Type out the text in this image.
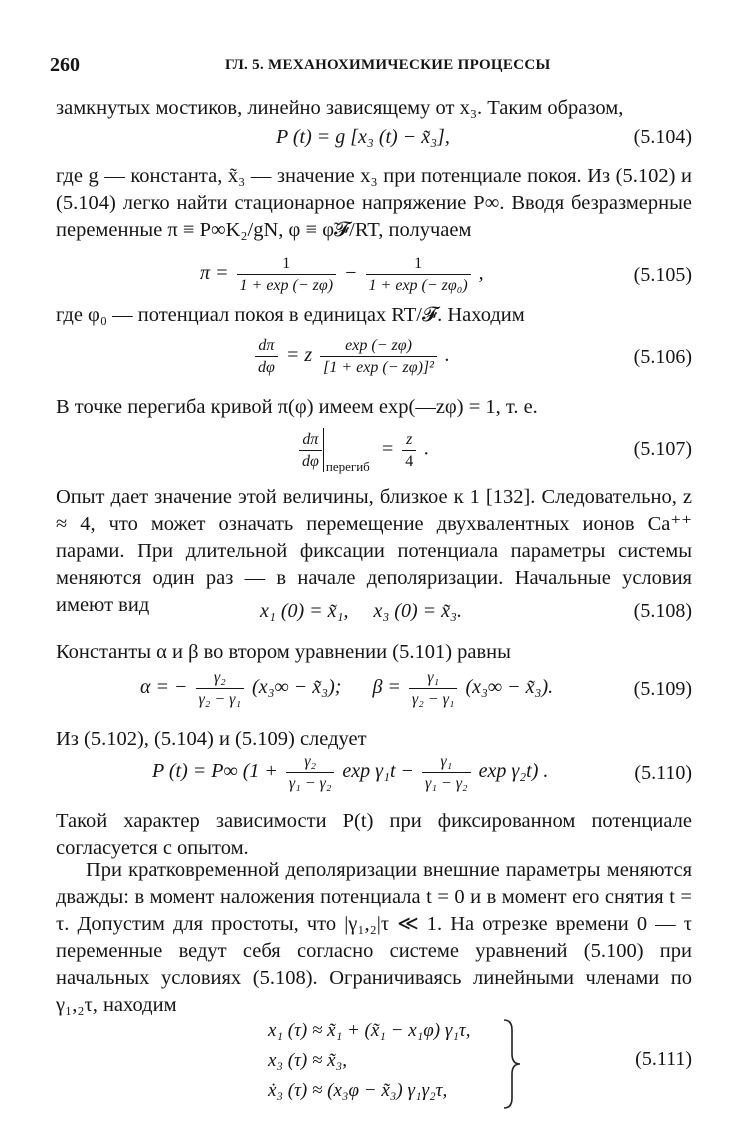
260	ГЛ. 5. МЕХАНОХИМИЧЕСКИЕ ПРОЦЕССЫ

замкнутых мостиков, линейно зависящему от x₃. Таким образом,

P (t) = g [x₃ (t) − x̃₃],	(5.104)

где g — константа, x̃₃ — значение x₃ при потенциале покоя. Из (5.102) и (5.104) легко найти стационарное напряжение P∞. Вводя безразмерные переменные π ≡ P∞K₂/gN, φ ≡ φ̃𝓕/RT, получаем

$\pi = \frac{1}{1 + \exp (- z\varphi)} - \frac{1}{\text{1 + exp (− zφ₀)}}$ ,	(5.105)

где φ₀ — потенциал покоя в единицах RT/𝓕. Находим

$\frac{d\pi}{d\varphi} = z \frac{\exp (- z\varphi)}{\text{[1 + exp (− zφ)]²}}$ .	(5.106)

В точке перегиба кривой π(φ) имеем exp(—zφ) = 1, т. е.

$\frac{d\pi}{d\varphi} _{перегиб} = \frac{z}{4}$ .	(5.107)

Опыт дает значение этой величины, близкое к 1 [132]. Следовательно, z ≈ 4, что может означать перемещение двухвалентных ионов Ca⁺⁺ парами. При длительной фиксации потенциала параметры системы меняются один раз — в начале деполяризации. Начальные условия имеют вид	x₁ (0) = x̃₁,     x₃ (0) = x̃₃.	(5.108)

Константы α и β во втором уравнении (5.101) равны

α = − $\frac{\text{γ₂}}{\text{γ₂ − γ₁}} (x_3\infty$ − x̃₃); $\beta = \frac{\text{γ₁}}{\text{γ₂ − γ₁}} (x_3\infty$ − x̃₃).	(5.109)

Из (5.102), (5.104) и (5.109) следует

P (t) = P∞ ($1 + \frac{\text{γ₂}}{\text{γ₁ − γ₂}}$ $\exp \gamma_1t - \frac{\text{γ₁}}{\text{γ₁ − γ₂}}$ exp γ₂t) .	(5.110)

Такой характер зависимости P(t) при фиксированном потенциале согласуется с опытом.

При кратковременной деполяризации внешние параметры меняются дважды: в момент наложения потенциала t = 0 и в момент его снятия t = τ. Допустим для простоты, что |γ₁,₂|τ ≪ 1. На отрезке времени 0 — τ переменные ведут себя согласно системе уравнений (5.100) при начальных условиях (5.108). Ограничиваясь линейными членами по γ₁,₂τ, находим

x₁ (τ) ≈ x̃₁ + (x̃₁ − x₁φ) γ₁τ,
x₃ (τ) ≈ x̃₃,
ẋ₃ (τ) ≈ (x₃φ − x̃₃) γ₁γ₂τ,
(5.111)
